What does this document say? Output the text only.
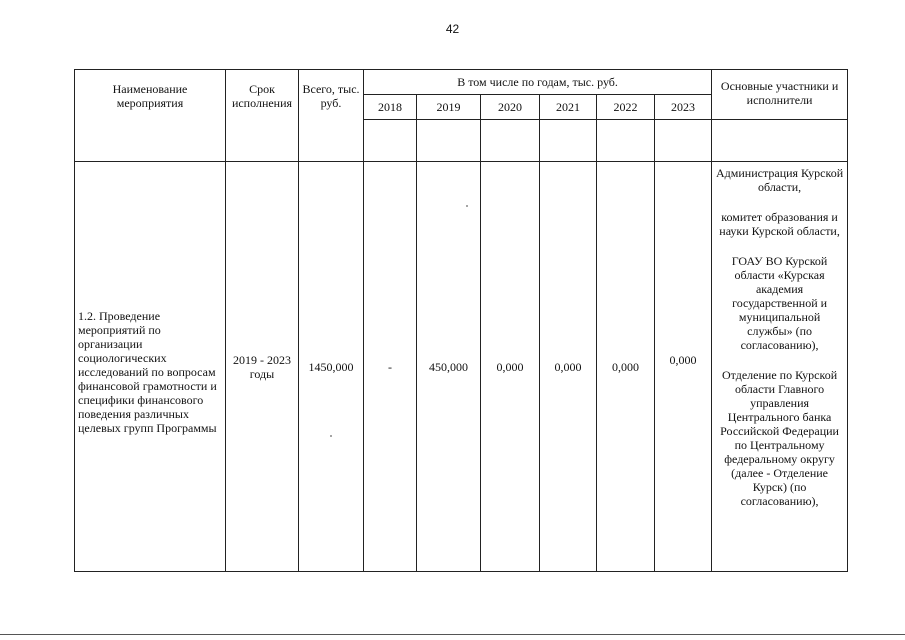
42
Наименование мероприятия	Срок исполнения	Всего, тыс. руб.	В том числе по годам, тыс. руб.						Основные участники и исполнители
			2018	2019	2020	2021	2022	2023	

1.2. Проведение мероприятий по организации социологических исследований по вопросам финансовой грамотности и специфики финансового поведения различных целевых групп Программы	2019 - 2023 годы	1450,000	-	450,000	0,000	0,000	0,000	0,000	Администрация Курской области,

комитет образования и науки Курской области,

ГОАУ ВО Курской области «Курская академия государственной и муниципальной службы» (по согласованию),

Отделение по Курской области Главного управления Центрального банка Российской Федерации по Центральному федеральному округу (далее - Отделение Курск) (по согласованию),
